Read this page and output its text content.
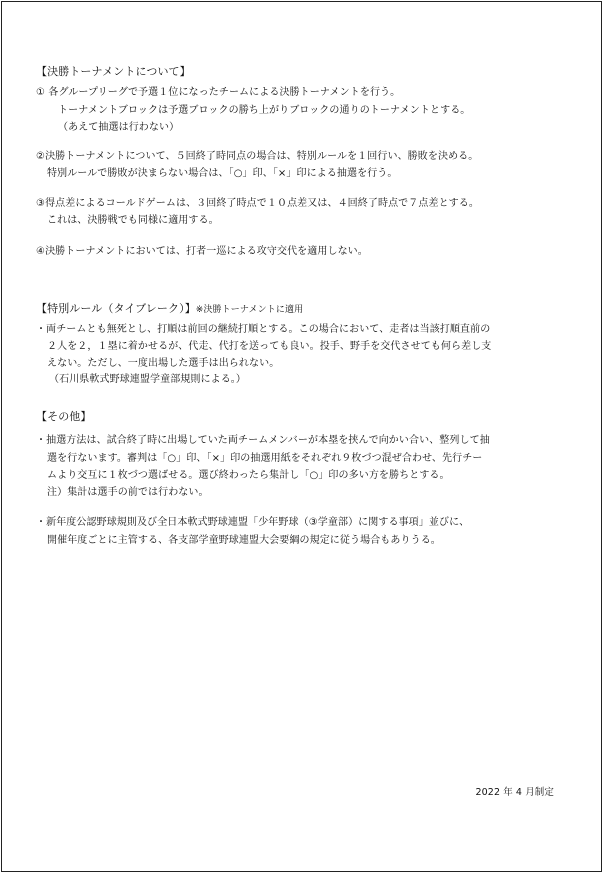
【決勝トーナメントについて】
① 各グループリーグで予選１位になったチームによる決勝トーナメントを行う。
トーナメントブロックは予選ブロックの勝ち上がりブロックの通りのトーナメントとする。
（あえて抽選は行わない）
②決勝トーナメントについて、５回終了時同点の場合は、特別ルールを１回行い、勝敗を決める。
特別ルールで勝敗が決まらない場合は、「○」印、「×」印による抽選を行う。
③得点差によるコールドゲームは、３回終了時点で１０点差又は、４回終了時点で７点差とする。
これは、決勝戦でも同様に適用する。
④決勝トーナメントにおいては、打者一巡による攻守交代を適用しない。
【特別ルール（タイブレーク）】※決勝トーナメントに適用
・両チームとも無死とし、打順は前回の継続打順とする。この場合において、走者は当該打順直前の
２人を２，１塁に着かせるが、代走、代打を送っても良い。投手、野手を交代させても何ら差し支
えない。ただし、一度出場した選手は出られない。
（石川県軟式野球連盟学童部規則による。）
【その他】
・抽選方法は、試合終了時に出場していた両チームメンバーが本塁を挟んで向かい合い、整列して抽
選を行ないます。審判は「○」印、「×」印の抽選用紙をそれぞれ９枚づつ混ぜ合わせ、先行チー
ムより交互に１枚づつ選ばせる。選び終わったら集計し「○」印の多い方を勝ちとする。
注）集計は選手の前では行わない。
・新年度公認野球規則及び全日本軟式野球連盟「少年野球（③学童部）に関する事項」並びに、
開催年度ごとに主管する、各支部学童野球連盟大会要綱の規定に従う場合もありうる。
2022 年 4 月制定
